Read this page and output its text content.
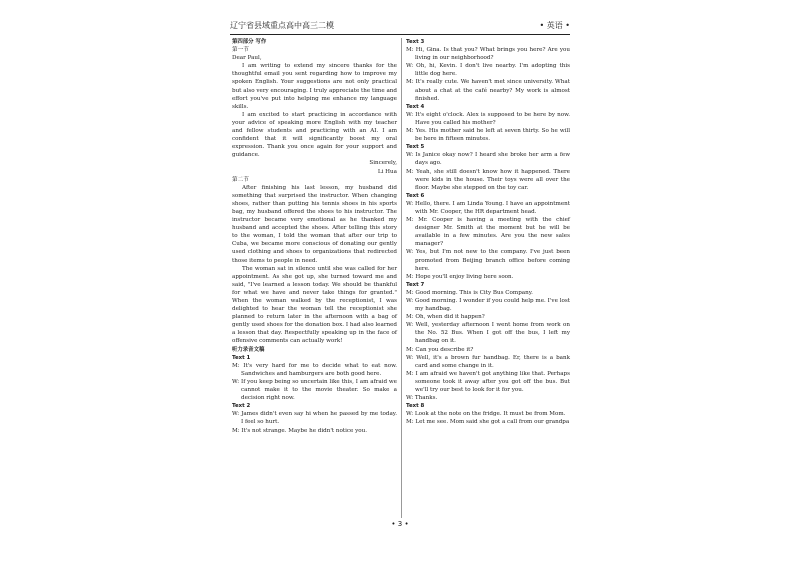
辽宁省县域重点高中高三二模	• 英语 •

第四部分 写作

第一节

Dear Paul,

I am writing to extend my sincere thanks for the thoughtful email you sent regarding how to improve my spoken English. Your suggestions are not only practical but also very encouraging. I truly appreciate the time and effort you've put into helping me enhance my language skills.

I am excited to start practicing in accordance with your advice of speaking more English with my teacher and fellow students and practicing with an AI. I am confident that it will significantly boost my oral expression. Thank you once again for your support and guidance.

Sincerely,

Li Hua

第二节

After finishing his last lesson, my husband did something that surprised the instructor. When changing shoes, rather than putting his tennis shoes in his sports bag, my husband offered the shoes to his instructor. The instructor became very emotional as he thanked my husband and accepted the shoes. After telling this story to the woman, I told the woman that after our trip to Cuba, we became more conscious of donating our gently used clothing and shoes to organizations that redirected those items to people in need.

The woman sat in silence until she was called for her appointment. As she got up, she turned toward me and said, "I've learned a lesson today. We should be thankful for what we have and never take things for granted." When the woman walked by the receptionist, I was delighted to hear the woman tell the receptionist she planned to return later in the afternoon with a bag of gently used shoes for the donation box. I had also learned a lesson that day. Respectfully speaking up in the face of offensive comments can actually work!

听力录音文稿

Text 1

M: It's very hard for me to decide what to eat now. Sandwiches and hamburgers are both good here.

W: If you keep being so uncertain like this, I am afraid we cannot make it to the movie theater. So make a decision right now.

Text 2

W: James didn't even say hi when he passed by me today. I feel so hurt.

M: It's not strange. Maybe he didn't notice you.

Text 3

M: Hi, Gina. Is that you? What brings you here? Are you living in our neighborhood?

W: Oh, hi, Kevin. I don't live nearby. I'm adopting this little dog here.

M: It's really cute. We haven't met since university. What about a chat at the café nearby? My work is almost finished.

Text 4

W: It's eight o'clock. Alex is supposed to be here by now. Have you called his mother?

M: Yes. His mother said he left at seven thirty. So he will be here in fifteen minutes.

Text 5

W: Is Janice okay now? I heard she broke her arm a few days ago.

M: Yeah, she still doesn't know how it happened. There were kids in the house. Their toys were all over the floor. Maybe she stepped on the toy car.

Text 6

W: Hello, there. I am Linda Young. I have an appointment with Mr. Cooper, the HR department head.

M: Mr. Cooper is having a meeting with the chief designer Mr. Smith at the moment but he will be available in a few minutes. Are you the new sales manager?

W: Yes, but I'm not new to the company. I've just been promoted from Beijing branch office before coming here.

M: Hope you'll enjoy living here soon.

Text 7

M: Good morning. This is City Bus Company.

W: Good morning. I wonder if you could help me. I've lost my handbag.

M: Oh, when did it happen?

W: Well, yesterday afternoon I went home from work on the No. 52 Bus. When I got off the bus, I left my handbag on it.

M: Can you describe it?

W: Well, it's a brown fur handbag. Er, there is a bank card and some change in it.

M: I am afraid we haven't got anything like that. Perhaps someone took it away after you got off the bus. But we'll try our best to look for it for you.

W: Thanks.

Text 8

W: Look at the note on the fridge. It must be from Mom.

M: Let me see. Mom said she got a call from our grandpa

• 3 •
